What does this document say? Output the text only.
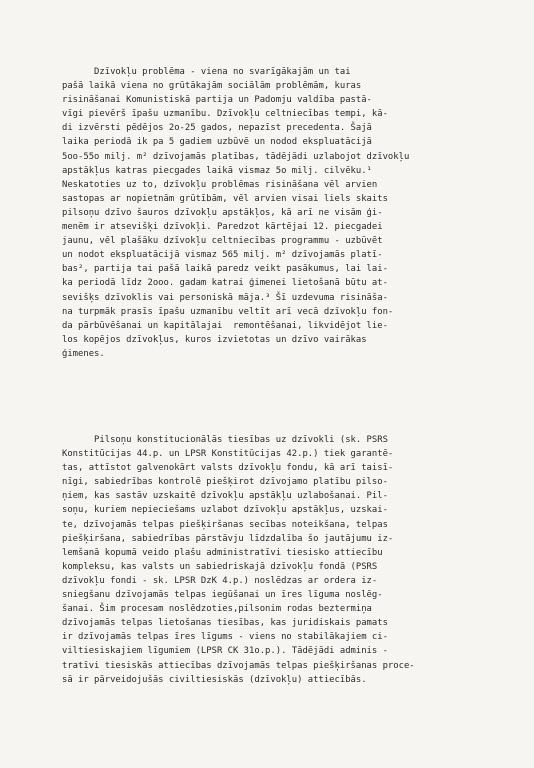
Dzīvokļu problēma - viena no svarīgākajām un tai
pašā laikā viena no grūtākajām sociālām problēmām, kuras
risināšanai Komunistiskā partija un Padomju valdība pastā-
vīgi pievērš īpašu uzmanību. Dzīvokļu celtniecības tempi, kā-
di izvērsti pēdējos 2o-25 gados, nepazīst precedenta. Šajā
laika periodā ik pa 5 gadiem uzbūvē un nodod ekspluatācijā
5oo-55o milj. m² dzīvojamās platības, tādējādi uzlabojot dzīvokļu
apstākļus katras piecgades laikā vismaz 5o milj. cilvēku.¹
Neskatoties uz to, dzīvokļu problēmas risināšana vēl arvien
sastopas ar nopietnām grūtībām, vēl arvien visai liels skaits
pilsoņu dzīvo šauros dzīvokļu apstākļos, kā arī ne visām ģi-
menēm ir atsevišķi dzīvokļi. Paredzot kārtējai 12. piecgadei
jaunu, vēl plašāku dzīvokļu celtniecības programmu - uzbūvēt
un nodot ekspluatācijā vismaz 565 milj. m² dzīvojamās platī-
bas², partija tai pašā laikā paredz veikt pasākumus, lai lai-
ka periodā līdz 2ooo. gadam katrai ģimenei lietošanā būtu at-
sevišķs dzīvoklis vai personiskā māja.³ Šī uzdevuma risināša-
na turpmāk prasīs īpašu uzmanību veltīt arī vecā dzīvokļu fon-
da pārbūvēšanai un kapitālajai  remontēšanai, likvidējot lie-
los kopējos dzīvokļus, kuros izvietotas un dzīvo vairākas
ģimenes.
Pilsoņu konstitucionālās tiesības uz dzīvokli (sk. PSRS
Konstitūcijas 44.p. un LPSR Konstitūcijas 42.p.) tiek garantē-
tas, attīstot galvenokārt valsts dzīvokļu fondu, kā arī taisī-
nīgi, sabiedrības kontrolē piešķirot dzīvojamo platību pilso-
ņiem, kas sastāv uzskaitē dzīvokļu apstākļu uzlabošanai. Pil-
soņu, kuriem nepieciešams uzlabot dzīvokļu apstākļus, uzskai-
te, dzīvojamās telpas piešķiršanas secības noteikšana, telpas
piešķiršana, sabiedrības pārstāvju līdzdalība šo jautājumu iz-
lemšanā kopumā veido plašu administratīvi tiesisko attiecību
kompleksu, kas valsts un sabiedriskajā dzīvokļu fondā (PSRS
dzīvokļu fondi - sk. LPSR DzK 4.p.) noslēdzas ar ordera iz-
sniegšanu dzīvojamās telpas iegūšanai un īres līguma noslēg-
šanai. Šim procesam noslēdzoties,pilsonim rodas beztermiņa
dzīvojamās telpas lietošanas tiesības, kas juridiskais pamats
ir dzīvojamās telpas īres līgums - viens no stabilākajiem ci-
viltiesiskajiem līgumiem (LPSR CK 31o.p.). Tādējādi adminis -
tratīvi tiesiskās attiecības dzīvojamās telpas piešķiršanas proce-
sā ir pārveidojušās civiltiesiskās (dzīvokļu) attiecībās.
